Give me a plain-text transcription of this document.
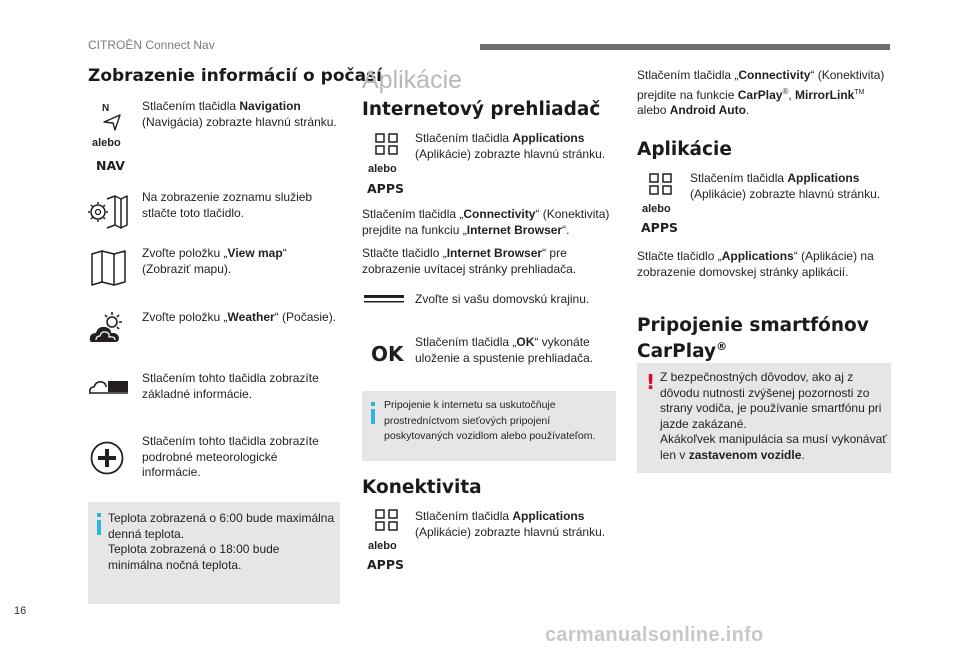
CITROËN Connect Nav
Zobrazenie informácií o počasí
N
alebo
NAV
Stlačením tlačidla Navigation (Navigácia) zobrazte hlavnú stránku.
Na zobrazenie zoznamu služieb stlačte toto tlačidlo.
Zvoľte položku „View map“ (Zobraziť mapu).
Zvoľte položku „Weather“ (Počasie).
Stlačením tohto tlačidla zobrazíte základné informácie.
Stlačením tohto tlačidla zobrazíte podrobné meteorologické informácie.
Teplota zobrazená o 6:00 bude maximálna denná teplota.
Teplota zobrazená o 18:00 bude minimálna nočná teplota.
Aplikácie
Internetový prehliadač
alebo
APPS
Stlačením tlačidla Applications (Aplikácie) zobrazte hlavnú stránku.
Stlačením tlačidla „Connectivity“ (Konektivita) prejdite na funkciu „Internet Browser“.
Stlačte tlačidlo „Internet Browser“ pre zobrazenie uvítacej stránky prehliadača.
Zvoľte si vašu domovskú krajinu.
OK Stlačením tlačidla „OK“ vykonáte uloženie a spustenie prehliadača.
Pripojenie k internetu sa uskutočňuje prostredníctvom sieťových pripojení poskytovaných vozidlom alebo používateľom.
Konektivita
alebo
APPS
Stlačením tlačidla Applications (Aplikácie) zobrazte hlavnú stránku.
Stlačením tlačidla „Connectivity“ (Konektivita) prejdite na funkcie CarPlay®, MirrorLink™ alebo Android Auto.
Aplikácie
alebo
APPS
Stlačením tlačidla Applications (Aplikácie) zobrazte hlavnú stránku.
Stlačte tlačidlo „Applications“ (Aplikácie) na zobrazenie domovskej stránky aplikácií.
Pripojenie smartfónov
CarPlay®
! Z bezpečnostných dôvodov, ako aj z dôvodu nutnosti zvýšenej pozornosti zo strany vodiča, je používanie smartfónu pri jazde zakázané.
Akákoľvek manipulácia sa musí vykonávať len v zastavenom vozidle.
16
carmanualsonline.info
